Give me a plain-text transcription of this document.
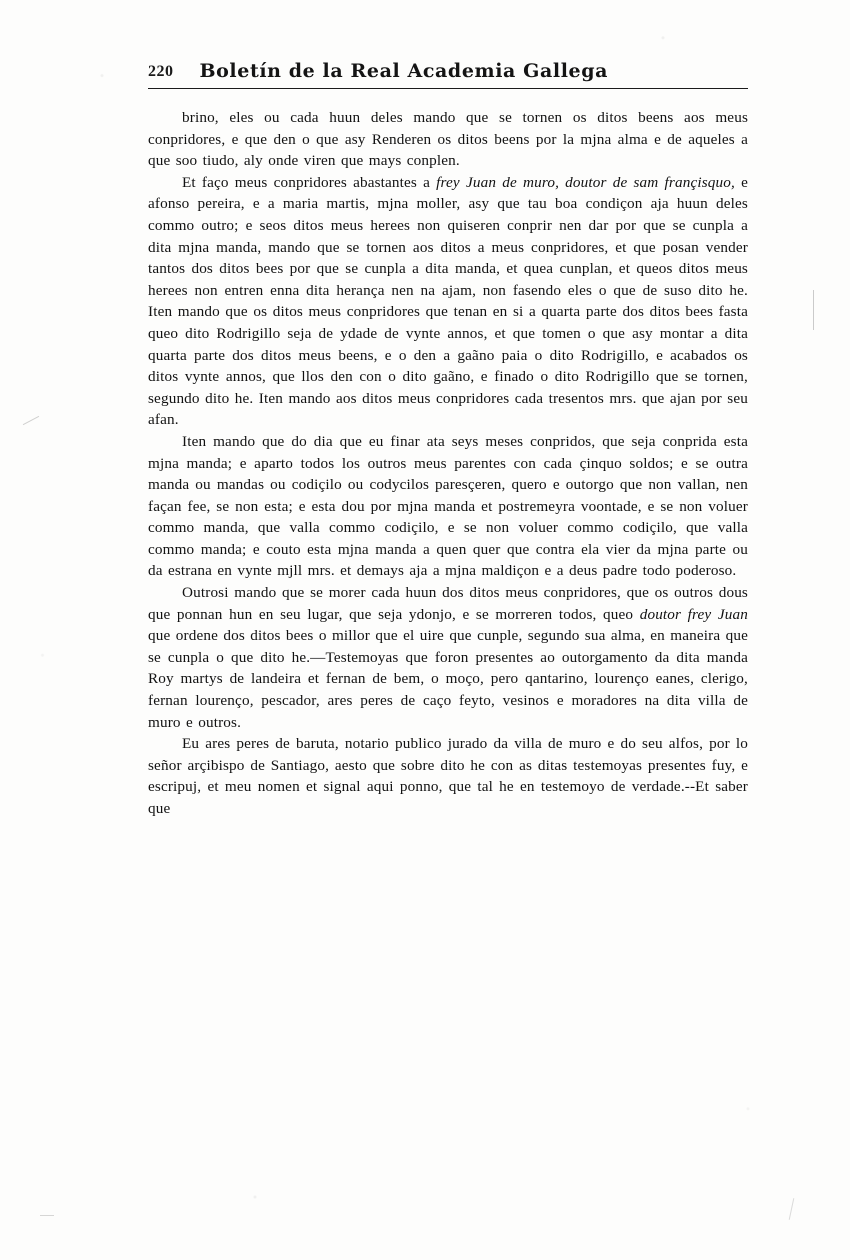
220 Boletín de la Real Academia Gallega

brino, eles ou cada huun deles mando que se tornen os ditos beens aos meus conpridores, e que den o que asy Renderen os ditos beens por la mjna alma e de aqueles a que soo tiudo, aly onde viren que mays conplen.

Et faço meus conpridores abastantes a frey Juan de muro, doutor de sam françisquo, e afonso pereira, e a maria martis, mjna moller, asy que tau boa condiçon aja huun deles commo outro; e seos ditos meus herees non quiseren conprir nen dar por que se cunpla a dita mjna manda, mando que se tornen aos ditos a meus conpridores, et que posan vender tantos dos ditos bees por que se cunpla a dita manda, et quea cunplan, et queos ditos meus herees non entren enna dita herança nen na ajam, non fasendo eles o que de suso dito he. Iten mando que os ditos meus conpridores que tenan en si a quarta parte dos ditos bees fasta queo dito Rodrigillo seja de ydade de vynte annos, et que tomen o que asy montar a dita quarta parte dos ditos meus beens, e o den a gaãno paia o dito Rodrigillo, e acabados os ditos vynte annos, que llos den con o dito gaãno, e finado o dito Rodrigillo que se tornen, segundo dito he. Iten mando aos ditos meus conpridores cada tresentos mrs. que ajan por seu afan.

Iten mando que do dia que eu finar ata seys meses conpridos, que seja conprida esta mjna manda; e aparto todos los outros meus parentes con cada çinquo soldos; e se outra manda ou mandas ou codiçilo ou codycilos paresçeren, quero e outorgo que non vallan, nen façan fee, se non esta; e esta dou por mjna manda et postremeyra voontade, e se non voluer commo manda, que valla commo codiçilo, e se non voluer commo codiçilo, que valla commo manda; e couto esta mjna manda a quen quer que contra ela vier da mjna parte ou da estrana en vynte mjll mrs. et demays aja a mjna maldiçon e a deus padre todo poderoso.

Outrosi mando que se morer cada huun dos ditos meus conpridores, que os outros dous que ponnan hun en seu lugar, que seja ydonjo, e se morreren todos, queo doutor frey Juan que ordene dos ditos bees o millor que el uire que cunple, segundo sua alma, en maneira que se cunpla o que dito he.—Testemoyas que foron presentes ao outorgamento da dita manda Roy martys de landeira et fernan de bem, o moço, pero qantarino, lourenço eanes, clerigo, fernan lourenço, pescador, ares peres de caço feyto, vesinos e moradores na dita villa de muro e outros.

Eu ares peres de baruta, notario publico jurado da villa de muro e do seu alfos, por lo señor arçibispo de Santiago, aesto que sobre dito he con as ditas testemoyas presentes fuy, e escripuj, et meu nomen et signal aqui ponno, que tal he en testemoyo de verdade.--Et saber que
